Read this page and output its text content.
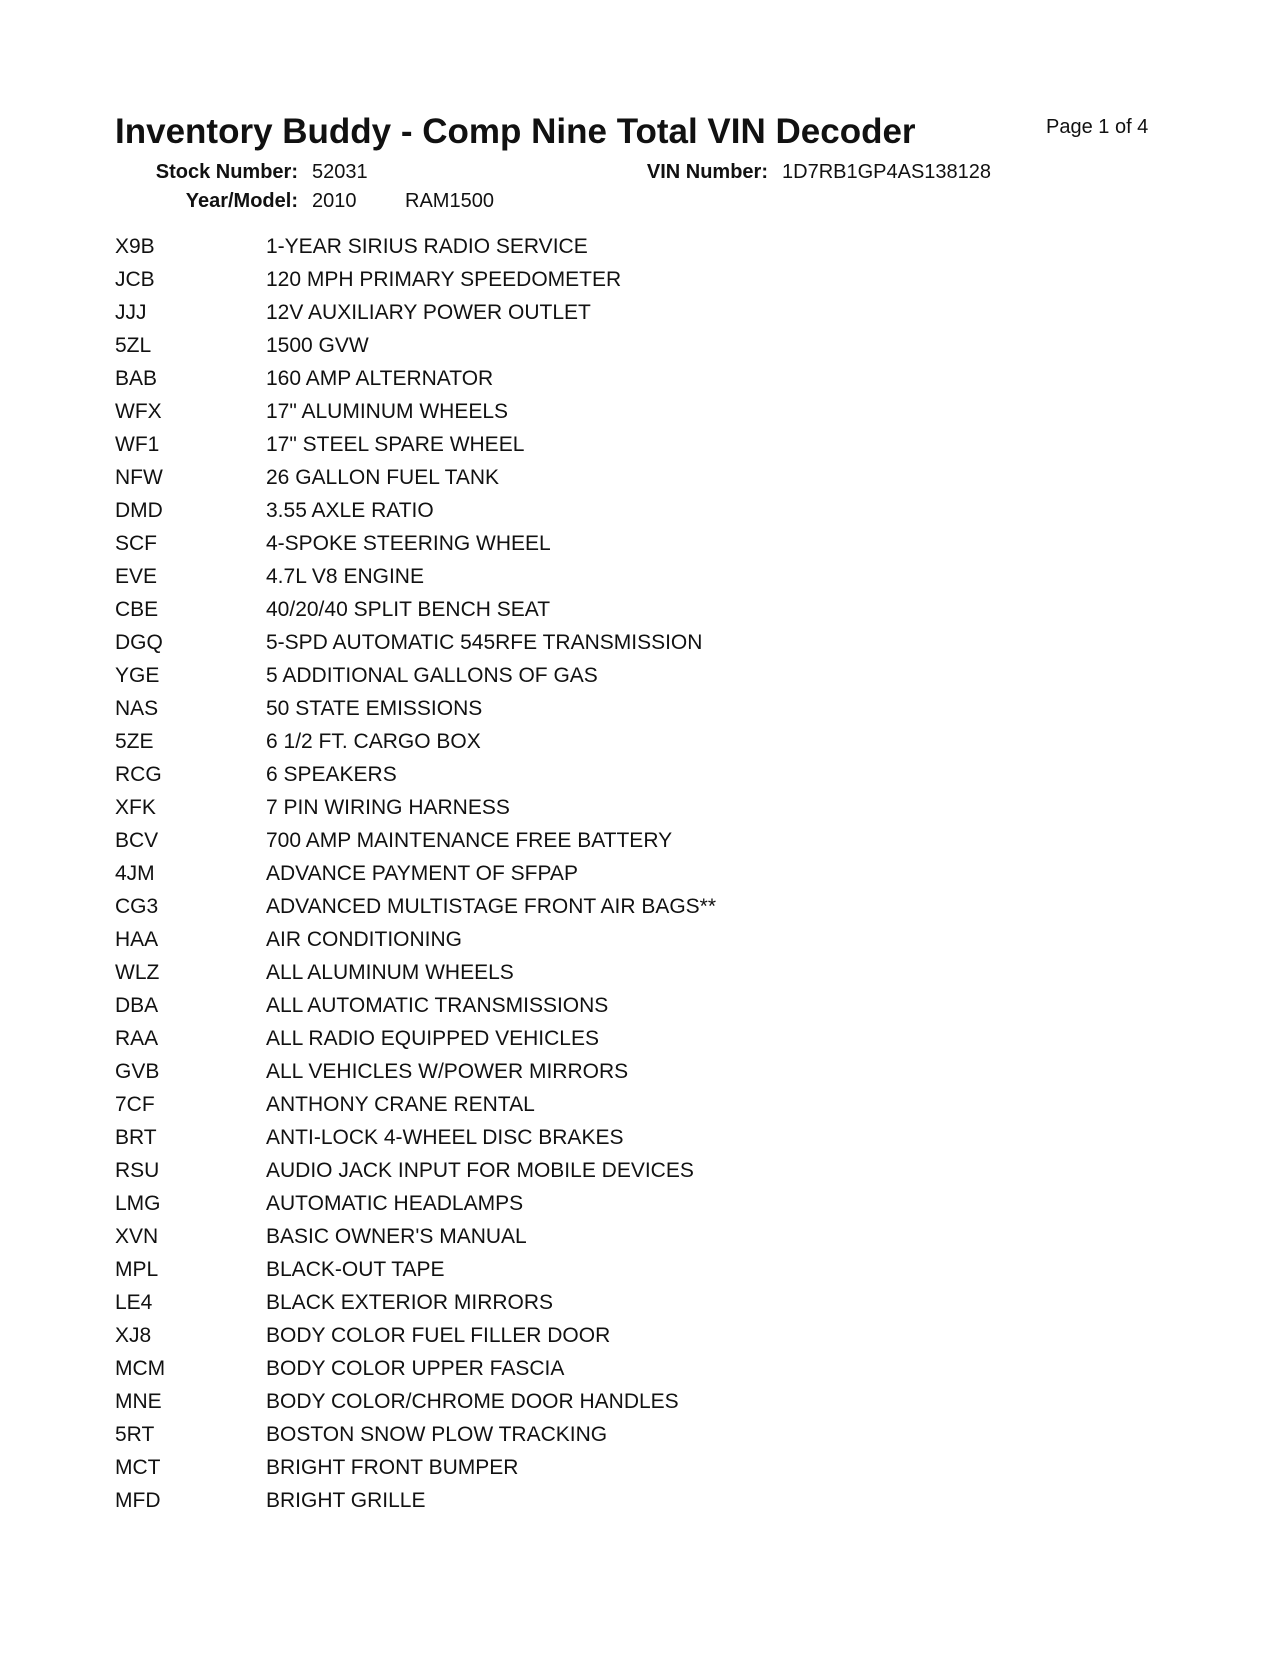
Inventory Buddy - Comp Nine Total VIN Decoder	Page 1 of 4
Stock Number: 52031	VIN Number: 1D7RB1GP4AS138128
Year/Model: 2010 RAM1500
X9B	1-YEAR SIRIUS RADIO SERVICE
JCB	120 MPH PRIMARY SPEEDOMETER
JJJ	12V AUXILIARY POWER OUTLET
5ZL	1500 GVW
BAB	160 AMP ALTERNATOR
WFX	17" ALUMINUM WHEELS
WF1	17" STEEL SPARE WHEEL
NFW	26 GALLON FUEL TANK
DMD	3.55 AXLE RATIO
SCF	4-SPOKE STEERING WHEEL
EVE	4.7L V8 ENGINE
CBE	40/20/40 SPLIT BENCH SEAT
DGQ	5-SPD AUTOMATIC 545RFE TRANSMISSION
YGE	5 ADDITIONAL GALLONS OF GAS
NAS	50 STATE EMISSIONS
5ZE	6 1/2 FT. CARGO BOX
RCG	6 SPEAKERS
XFK	7 PIN WIRING HARNESS
BCV	700 AMP MAINTENANCE FREE BATTERY
4JM	ADVANCE PAYMENT OF SFPAP
CG3	ADVANCED MULTISTAGE FRONT AIR BAGS**
HAA	AIR CONDITIONING
WLZ	ALL ALUMINUM WHEELS
DBA	ALL AUTOMATIC TRANSMISSIONS
RAA	ALL RADIO EQUIPPED VEHICLES
GVB	ALL VEHICLES W/POWER MIRRORS
7CF	ANTHONY CRANE RENTAL
BRT	ANTI-LOCK 4-WHEEL DISC BRAKES
RSU	AUDIO JACK INPUT FOR MOBILE DEVICES
LMG	AUTOMATIC HEADLAMPS
XVN	BASIC OWNER'S MANUAL
MPL	BLACK-OUT TAPE
LE4	BLACK EXTERIOR MIRRORS
XJ8	BODY COLOR FUEL FILLER DOOR
MCM	BODY COLOR UPPER FASCIA
MNE	BODY COLOR/CHROME DOOR HANDLES
5RT	BOSTON SNOW PLOW TRACKING
MCT	BRIGHT FRONT BUMPER
MFD	BRIGHT GRILLE
